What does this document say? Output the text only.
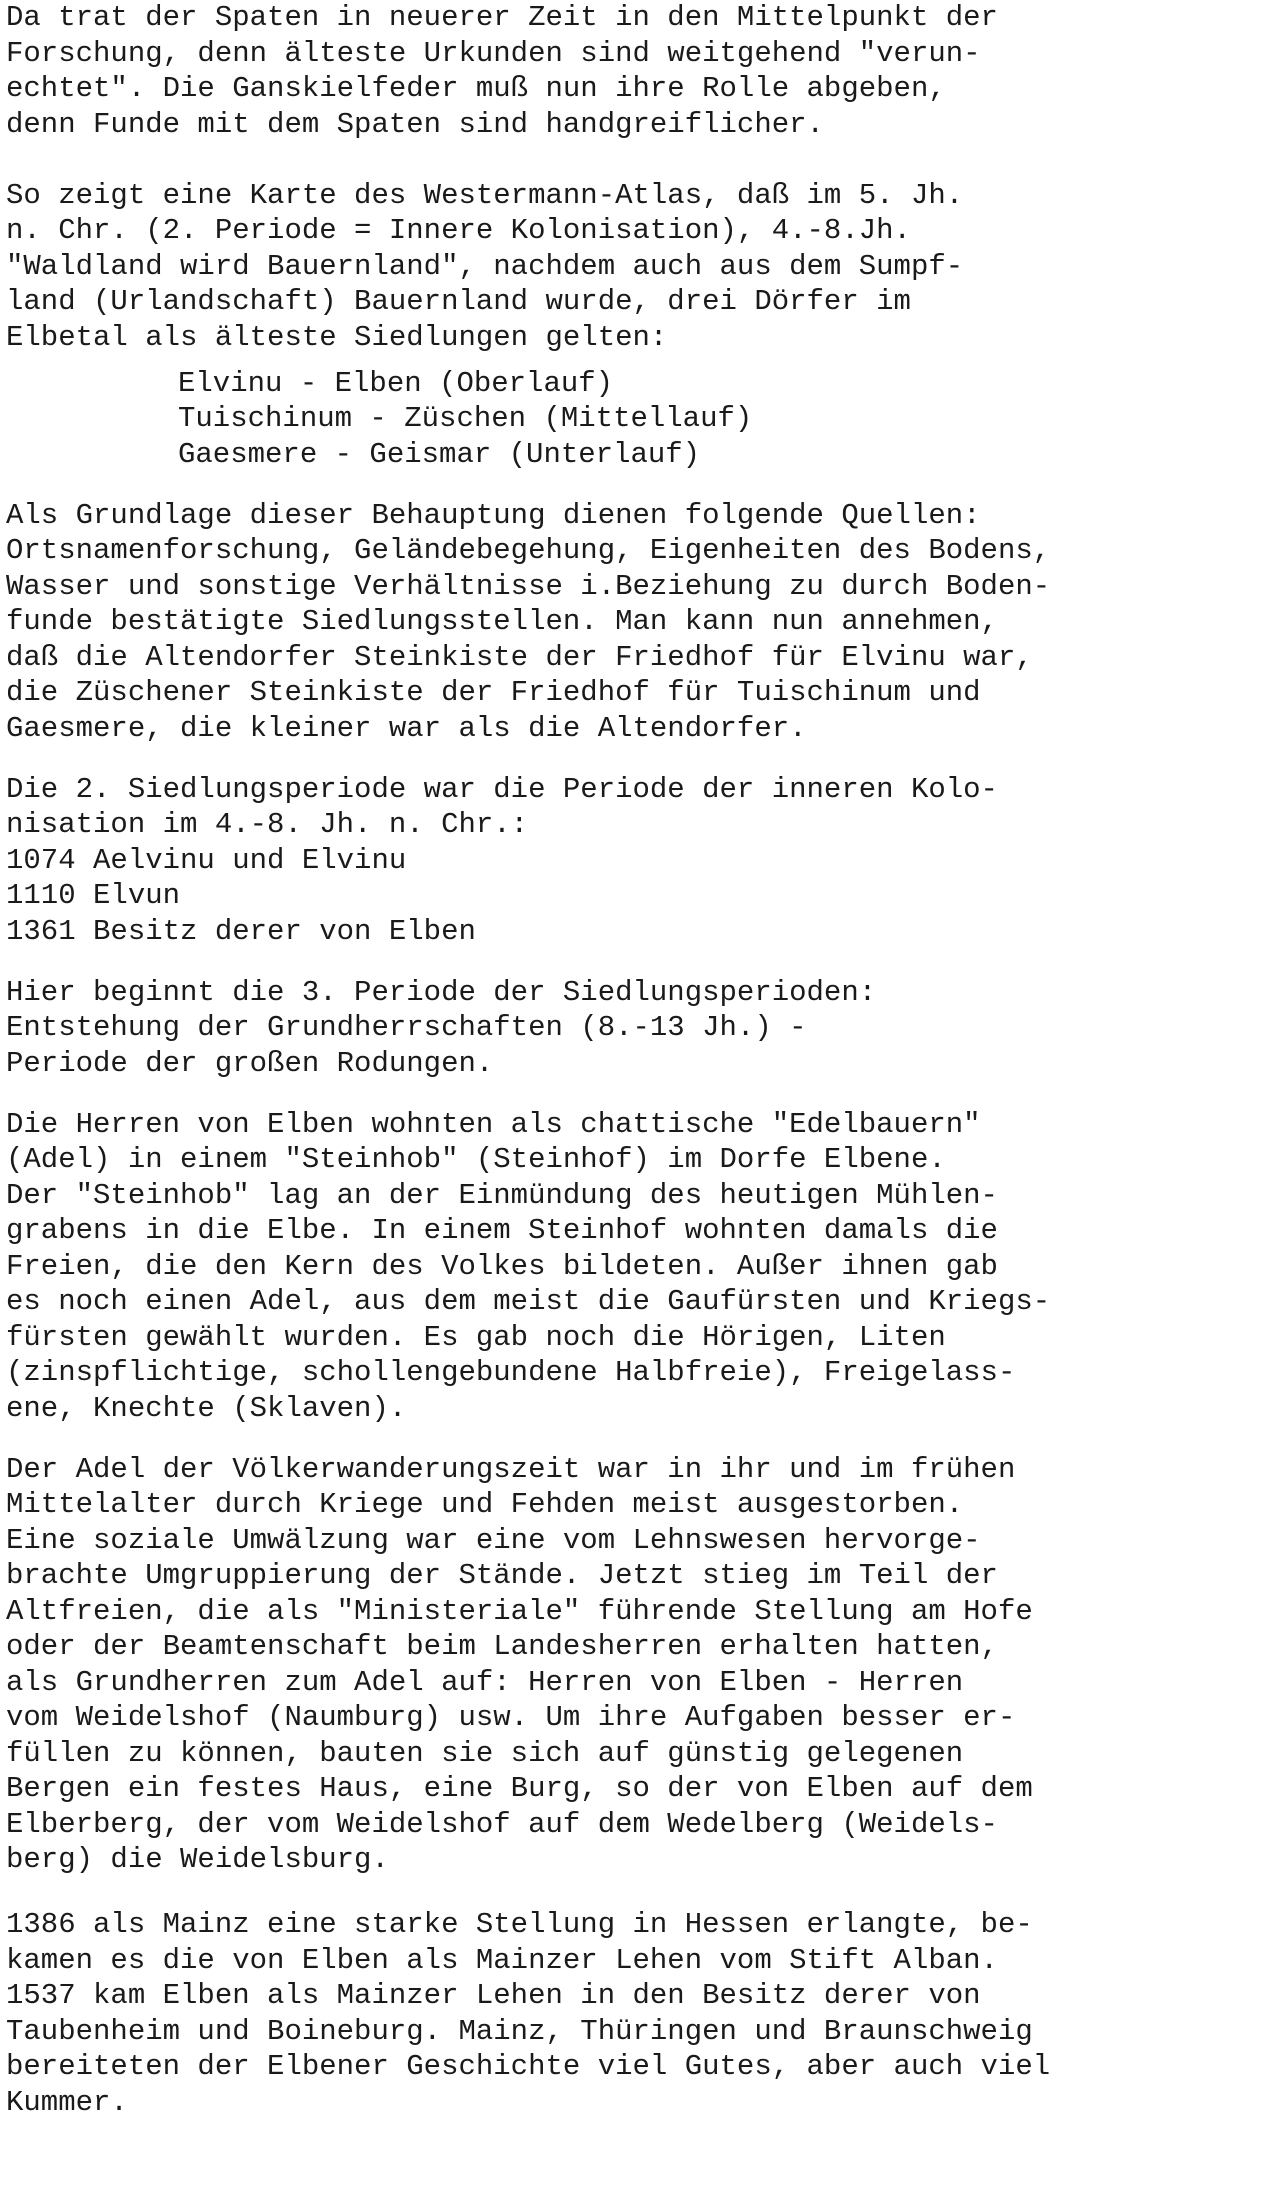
Da trat der Spaten in neuerer Zeit in den Mittelpunkt der
Forschung, denn älteste Urkunden sind weitgehend "verun-
echtet". Die Ganskielfeder muß nun ihre Rolle abgeben,
denn Funde mit dem Spaten sind handgreiflicher.
So zeigt eine Karte des Westermann-Atlas, daß im 5. Jh.
n. Chr. (2. Periode = Innere Kolonisation), 4.-8.Jh.
"Waldland wird Bauernland", nachdem auch aus dem Sumpf-
land (Urlandschaft) Bauernland wurde, drei Dörfer im
Elbetal als älteste Siedlungen gelten:
Elvinu - Elben (Oberlauf)
Tuischinum - Züschen (Mittellauf)
Gaesmere - Geismar (Unterlauf)
Als Grundlage dieser Behauptung dienen folgende Quellen:
Ortsnamenforschung, Geländebegehung, Eigenheiten des Bodens,
Wasser und sonstige Verhältnisse i.Beziehung zu durch Boden-
funde bestätigte Siedlungsstellen. Man kann nun annehmen,
daß die Altendorfer Steinkiste der Friedhof für Elvinu war,
die Züschener Steinkiste der Friedhof für Tuischinum und
Gaesmere, die kleiner war als die Altendorfer.
Die 2. Siedlungsperiode war die Periode der inneren Kolo-
nisation im 4.-8. Jh. n. Chr.:
1074 Aelvinu und Elvinu
1110 Elvun
1361 Besitz derer von Elben
Hier beginnt die 3. Periode der Siedlungsperioden:
Entstehung der Grundherrschaften (8.-13 Jh.) -
Periode der großen Rodungen.
Die Herren von Elben wohnten als chattische "Edelbauern"
(Adel) in einem "Steinhob" (Steinhof) im Dorfe Elbene.
Der "Steinhob" lag an der Einmündung des heutigen Mühlen-
grabens in die Elbe. In einem Steinhof wohnten damals die
Freien, die den Kern des Volkes bildeten. Außer ihnen gab
es noch einen Adel, aus dem meist die Gaufürsten und Kriegs-
fürsten gewählt wurden. Es gab noch die Hörigen, Liten
(zinspflichtige, schollengebundene Halbfreie), Freigelass-
ene, Knechte (Sklaven).
Der Adel der Völkerwanderungszeit war in ihr und im frühen
Mittelalter durch Kriege und Fehden meist ausgestorben.
Eine soziale Umwälzung war eine vom Lehnswesen hervorge-
brachte Umgruppierung der Stände. Jetzt stieg im Teil der
Altfreien, die als "Ministeriale" führende Stellung am Hofe
oder der Beamtenschaft beim Landesherren erhalten hatten,
als Grundherren zum Adel auf: Herren von Elben - Herren
vom Weidelshof (Naumburg) usw. Um ihre Aufgaben besser er-
füllen zu können, bauten sie sich auf günstig gelegenen
Bergen ein festes Haus, eine Burg, so der von Elben auf dem
Elberberg, der vom Weidelshof auf dem Wedelberg (Weidels-
berg) die Weidelsburg.
1386 als Mainz eine starke Stellung in Hessen erlangte, be-
kamen es die von Elben als Mainzer Lehen vom Stift Alban.
1537 kam Elben als Mainzer Lehen in den Besitz derer von
Taubenheim und Boineburg. Mainz, Thüringen und Braunschweig
bereiteten der Elbener Geschichte viel Gutes, aber auch viel
Kummer.
